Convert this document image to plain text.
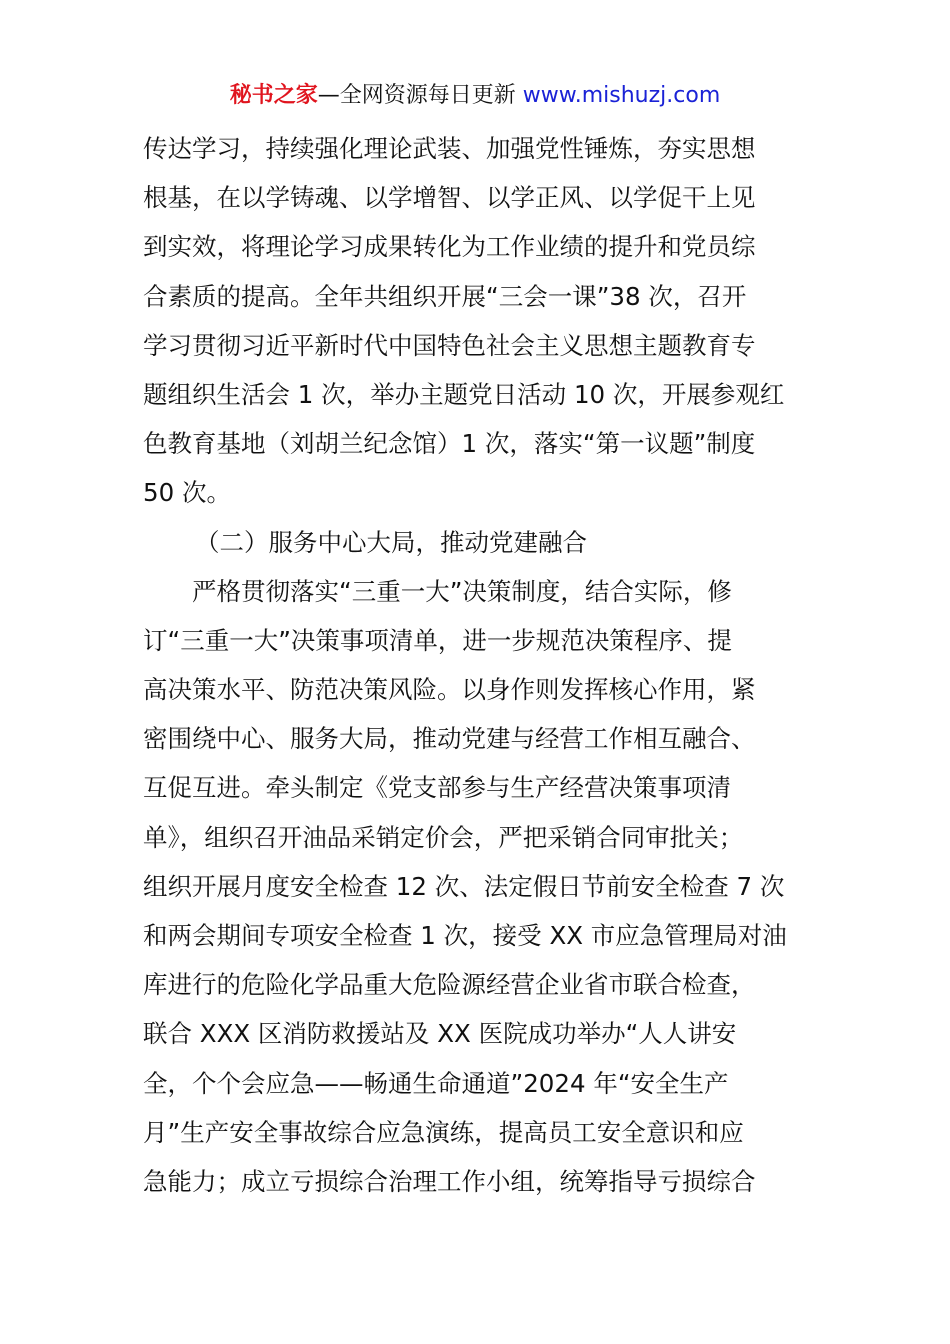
秘书之家—全网资源每日更新 www.mishuzj.com
传达学习，持续强化理论武装、加强党性锤炼，夯实思想
根基，在以学铸魂、以学增智、以学正风、以学促干上见
到实效，将理论学习成果转化为工作业绩的提升和党员综
合素质的提高。全年共组织开展“三会一课”38 次，召开
学习贯彻习近平新时代中国特色社会主义思想主题教育专
题组织生活会 1 次，举办主题党日活动 10 次，开展参观红
色教育基地（刘胡兰纪念馆）1 次，落实“第一议题”制度
50 次。
（二）服务中心大局，推动党建融合
严格贯彻落实“三重一大”决策制度，结合实际，修
订“三重一大”决策事项清单，进一步规范决策程序、提
高决策水平、防范决策风险。以身作则发挥核心作用，紧
密围绕中心、服务大局，推动党建与经营工作相互融合、
互促互进。牵头制定《党支部参与生产经营决策事项清
单》，组织召开油品采销定价会，严把采销合同审批关；
组织开展月度安全检查 12 次、法定假日节前安全检查 7 次
和两会期间专项安全检查 1 次，接受 XX 市应急管理局对油
库进行的危险化学品重大危险源经营企业省市联合检查，
联合 XXX 区消防救援站及 XX 医院成功举办“人人讲安
全，个个会应急——畅通生命通道”2024 年“安全生产
月”生产安全事故综合应急演练，提高员工安全意识和应
急能力；成立亏损综合治理工作小组，统筹指导亏损综合
